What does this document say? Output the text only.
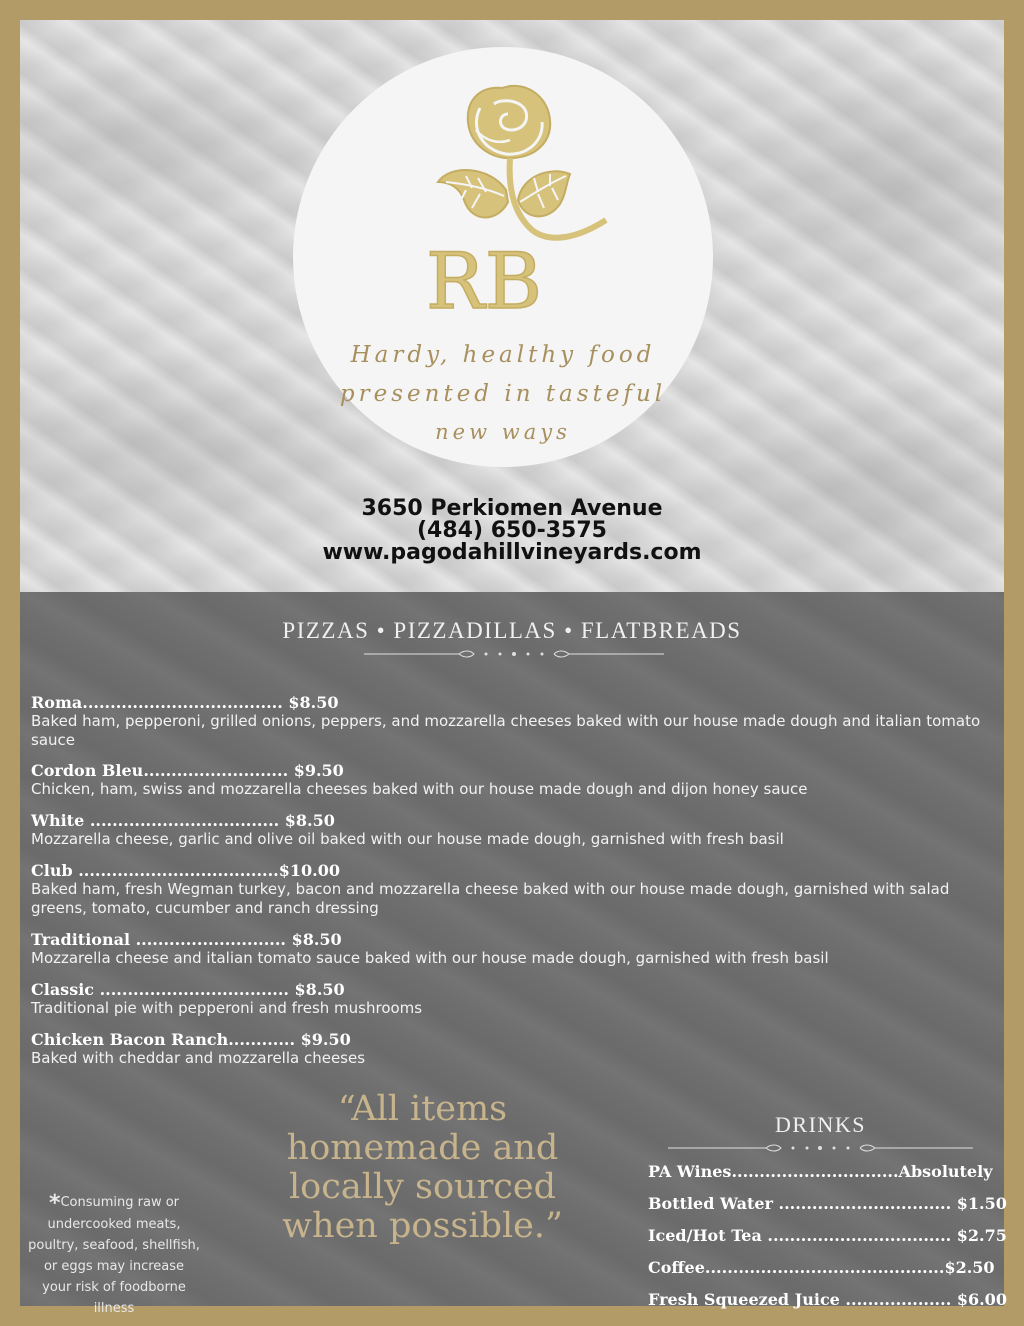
RB
Hardy, healthy food
presented in tasteful
new ways
3650 Perkiomen Avenue
(484) 650-3575
www.pagodahillvineyards.com
PIZZAS • PIZZADILLAS • FLATBREADS
Roma.................................... $8.50
Baked ham, pepperoni, grilled onions, peppers, and mozzarella cheeses baked with our house made dough and italian tomato sauce
Cordon Bleu.......................... $9.50
Chicken, ham, swiss and mozzarella cheeses baked with our house made dough and dijon honey sauce
White .................................. $8.50
Mozzarella cheese, garlic and olive oil baked with our house made dough, garnished with fresh basil
Club ....................................$10.00
Baked ham, fresh Wegman turkey, bacon and mozzarella cheese baked with our house made dough, garnished with salad greens, tomato, cucumber and ranch dressing
Traditional ........................... $8.50
Mozzarella cheese and italian tomato sauce baked with our house made dough, garnished with fresh basil
Classic .................................. $8.50
Traditional pie with pepperoni and fresh mushrooms
Chicken Bacon Ranch............ $9.50
Baked with cheddar and mozzarella cheeses
“All items homemade and locally sourced when possible.”
*Consuming raw or undercooked meats, poultry, seafood, shellfish, or eggs may increase your risk of foodborne illness
DRINKS
PA Wines..............................Absolutely
Bottled Water ............................... $1.50
Iced/Hot Tea ................................. $2.75
Coffee...........................................$2.50
Fresh Squeezed Juice ................... $6.00
